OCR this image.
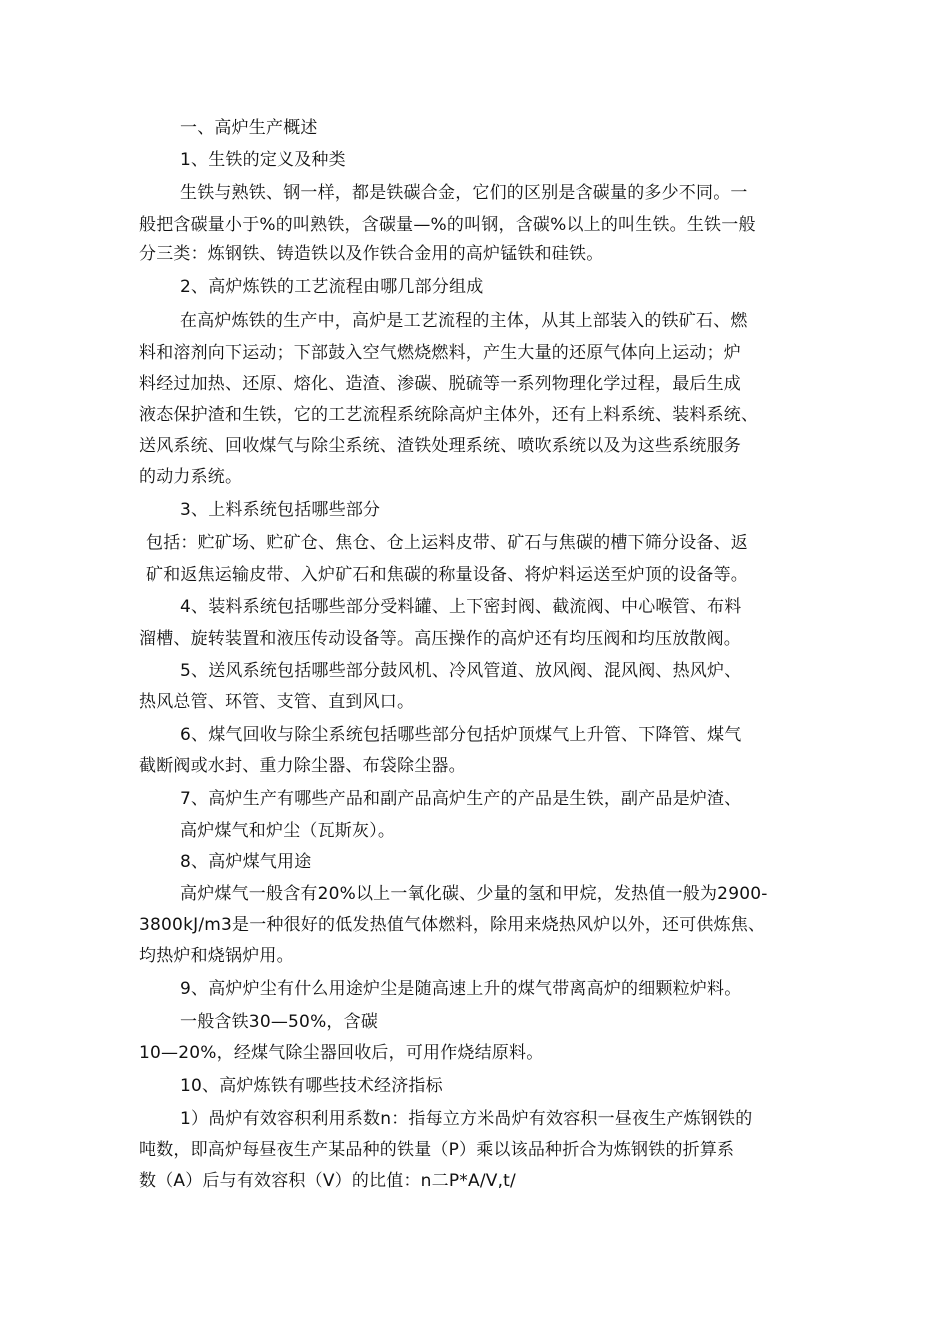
一、高炉生产概述
1、生铁的定义及种类
生铁与熟铁、钢一样，都是铁碳合金，它们的区别是含碳量的多少不同。一
般把含碳量小于%的叫熟铁，含碳量—%的叫钢，含碳%以上的叫生铁。生铁一般
分三类：炼钢铁、铸造铁以及作铁合金用的高炉锰铁和硅铁。
2、高炉炼铁的工艺流程由哪几部分组成
在高炉炼铁的生产中，高炉是工艺流程的主体，从其上部装入的铁矿石、燃
料和溶剂向下运动；下部鼓入空气燃烧燃料，产生大量的还原气体向上运动；炉
料经过加热、还原、熔化、造渣、渗碳、脱硫等一系列物理化学过程，最后生成
液态保护渣和生铁，它的工艺流程系统除高炉主体外，还有上料系统、装料系统、
送风系统、回收煤气与除尘系统、渣铁处理系统、喷吹系统以及为这些系统服务
的动力系统。
3、上料系统包括哪些部分
包括：贮矿场、贮矿仓、焦仓、仓上运料皮带、矿石与焦碳的槽下筛分设备、返
矿和返焦运输皮带、入炉矿石和焦碳的称量设备、将炉料运送至炉顶的设备等。
4、装料系统包括哪些部分受料罐、上下密封阀、截流阀、中心喉管、布料
溜槽、旋转装置和液压传动设备等。高压操作的高炉还有均压阀和均压放散阀。
5、送风系统包括哪些部分鼓风机、冷风管道、放风阀、混风阀、热风炉、
热风总管、环管、支管、直到风口。
6、煤气回收与除尘系统包括哪些部分包括炉顶煤气上升管、下降管、煤气
截断阀或水封、重力除尘器、布袋除尘器。
7、高炉生产有哪些产品和副产品高炉生产的产品是生铁，副产品是炉渣、
高炉煤气和炉尘（瓦斯灰）。
8、高炉煤气用途
高炉煤气一般含有20%以上一氧化碳、少量的氢和甲烷，发热值一般为2900-
3800kJ/m3是一种很好的低发热值气体燃料，除用来烧热风炉以外，还可供炼焦、
均热炉和烧锅炉用。
9、高炉炉尘有什么用途炉尘是随高速上升的煤气带离高炉的细颗粒炉料。
一般含铁30—50%，含碳
10—20%，经煤气除尘器回收后，可用作烧结原料。
10、高炉炼铁有哪些技术经济指标
1）咼炉有效容积利用系数n：指每立方米咼炉有效容积一昼夜生产炼钢铁的
吨数，即高炉每昼夜生产某品种的铁量（P）乘以该品种折合为炼钢铁的折算系
数（A）后与有效容积（V）的比值：n二P*A/V,t/
